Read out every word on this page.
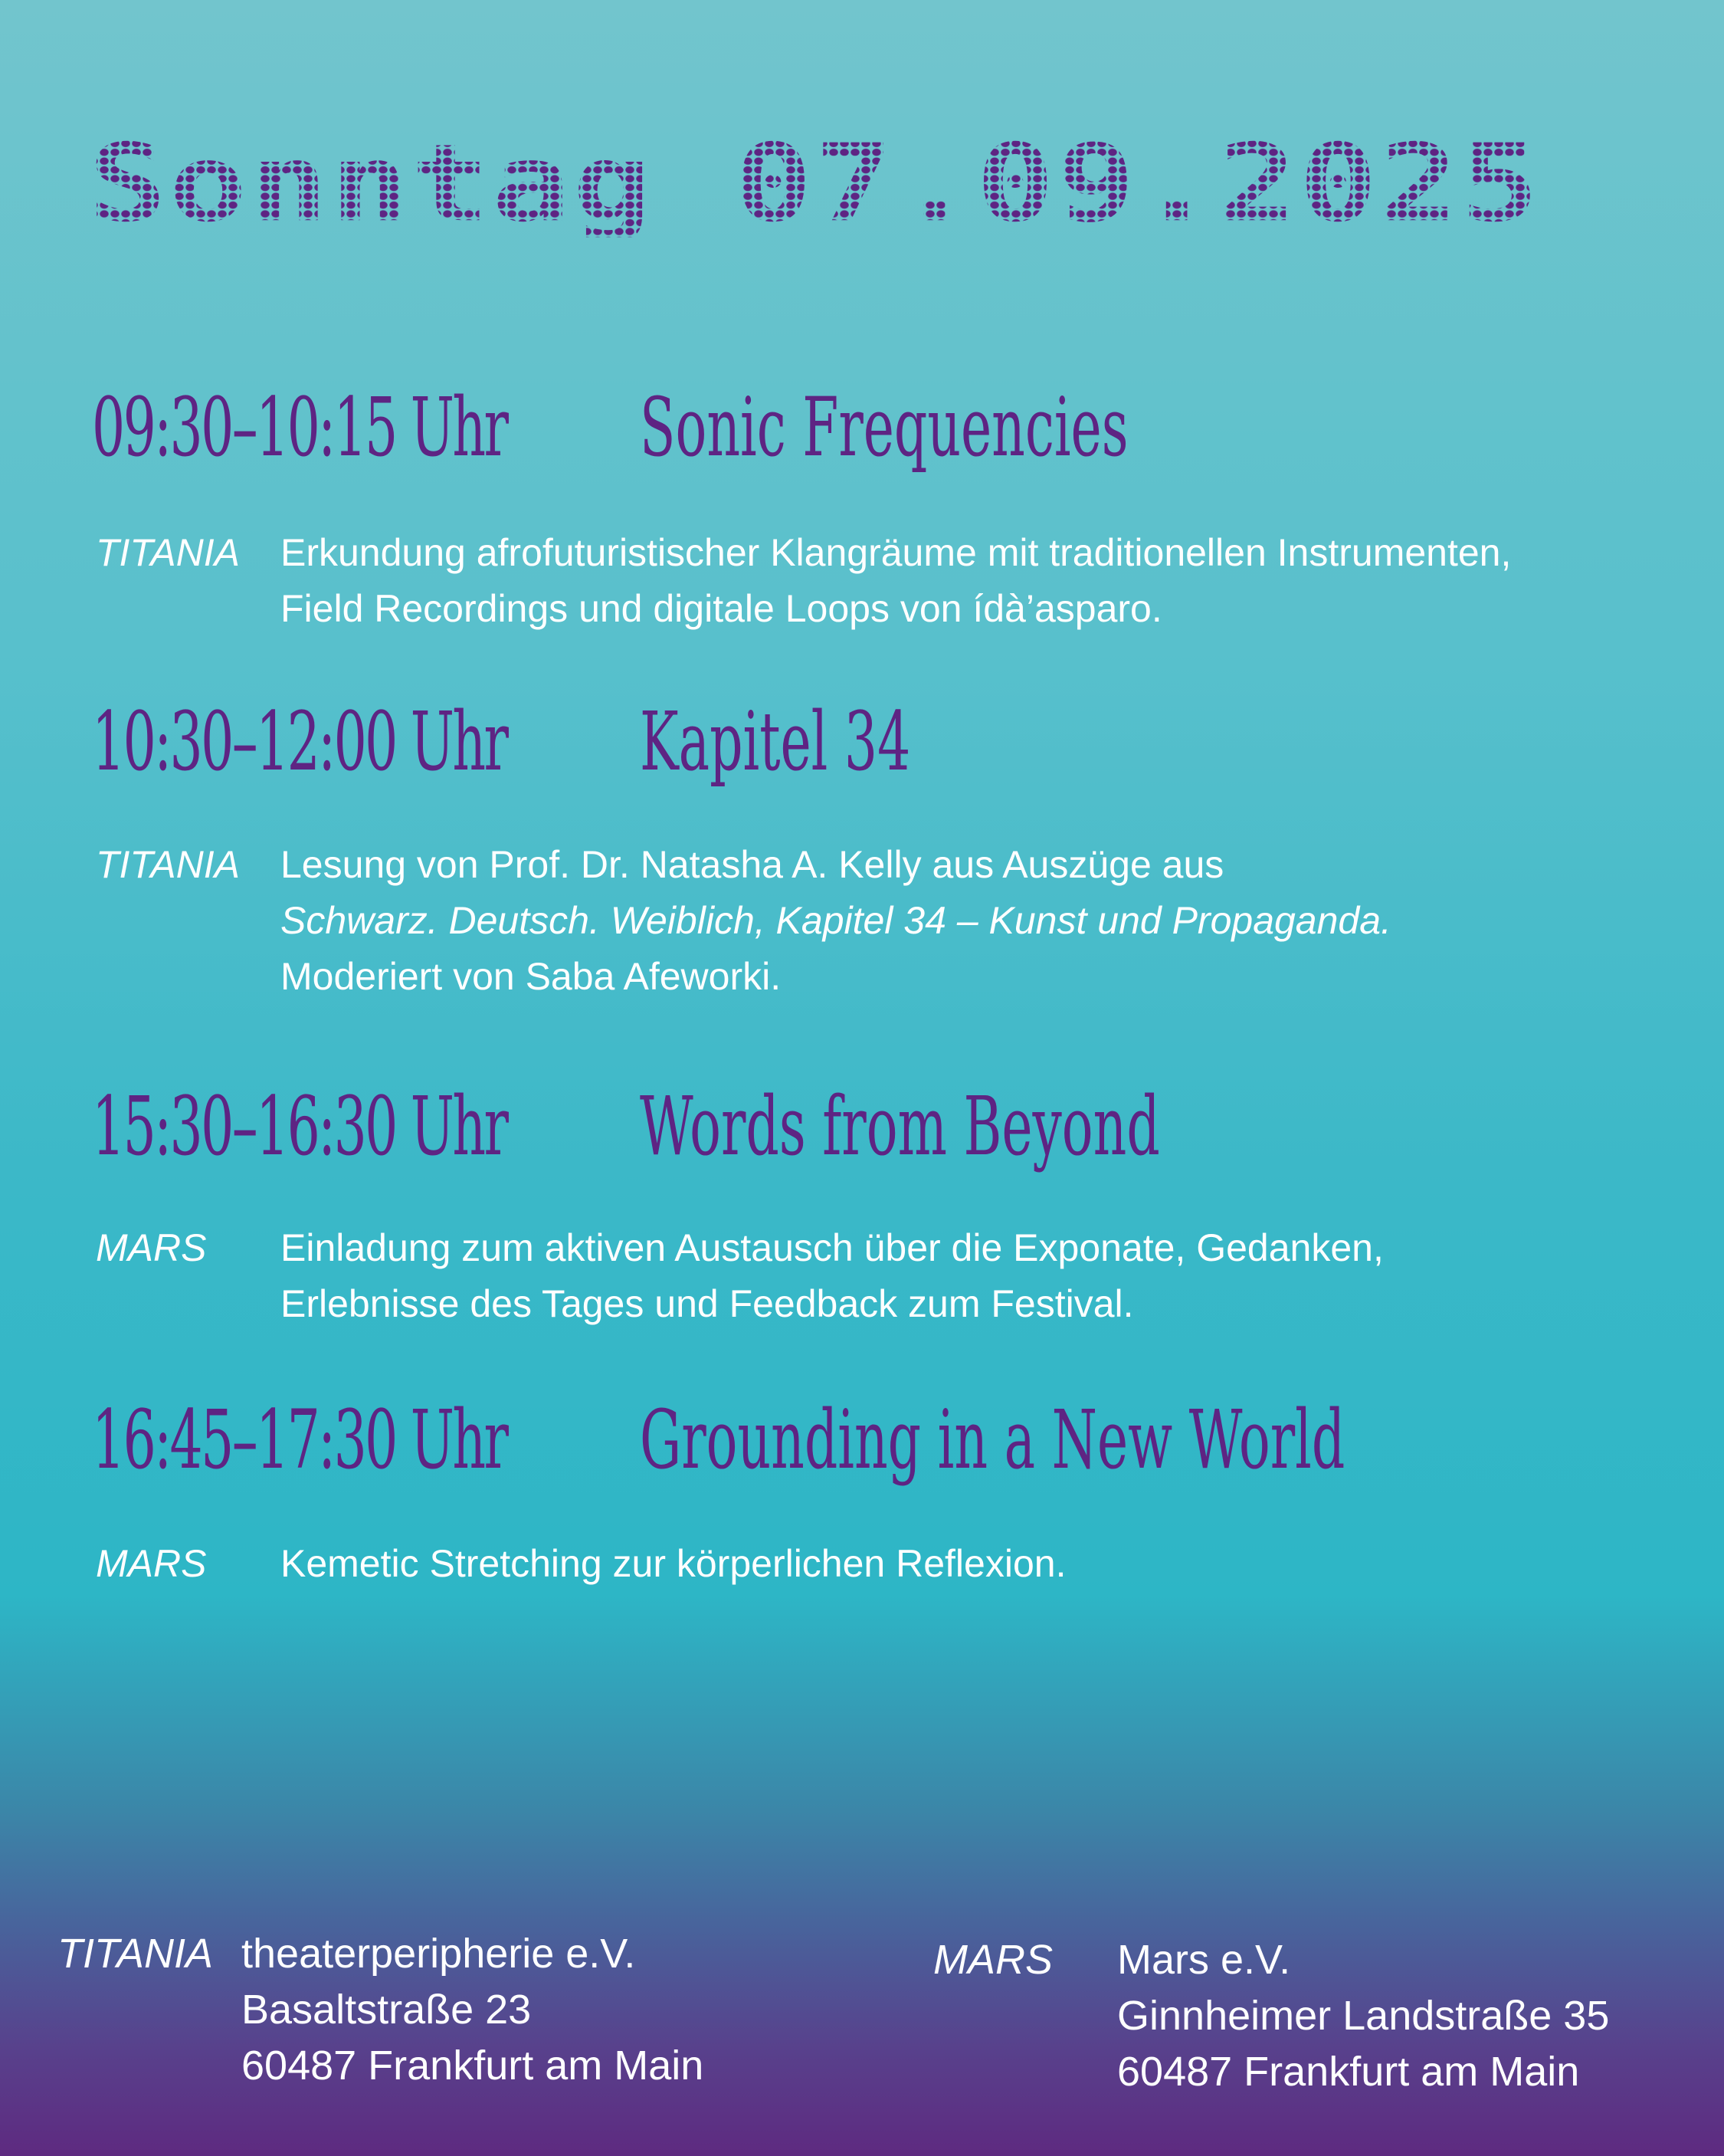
Sonntag 07.09.2025
09:30–10:15 Uhr Sonic Frequencies
TITANIA Erkundung afrofuturistischer Klangräume mit traditionellen Instrumenten,
Field Recordings und digitale Loops von ídà’asparo.
10:30–12:00 Uhr Kapitel 34
TITANIA Lesung von Prof. Dr. Natasha A. Kelly aus Auszüge aus
Schwarz. Deutsch. Weiblich, Kapitel 34 – Kunst und Propaganda.
Moderiert von Saba Afeworki.
15:30–16:30 Uhr Words from Beyond
MARS Einladung zum aktiven Austausch über die Exponate, Gedanken,
Erlebnisse des Tages und Feedback zum Festival.
16:45–17:30 Uhr Grounding in a New World
MARS Kemetic Stretching zur körperlichen Reflexion.
TITANIA theaterperipherie e.V.
Basaltstraße 23
60487 Frankfurt am Main
MARS Mars e.V.
Ginnheimer Landstraße 35
60487 Frankfurt am Main
